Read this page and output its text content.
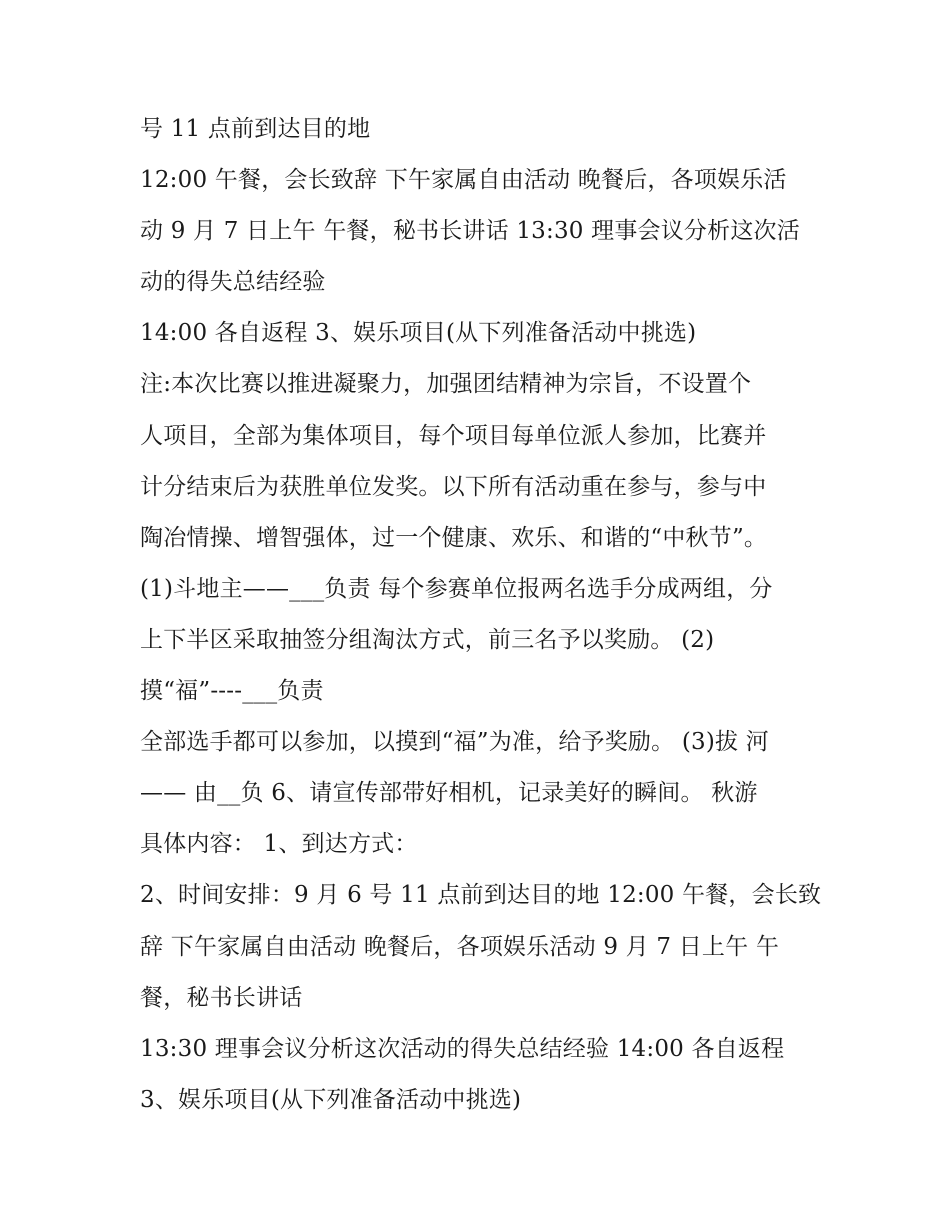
号 11 点前到达目的地
12:00 午餐，会长致辞 下午家属自由活动 晚餐后，各项娱乐活
动 9 月 7 日上午 午餐，秘书长讲话 13:30 理事会议分析这次活
动的得失总结经验
14:00 各自返程 3、娱乐项目(从下列准备活动中挑选)
注:本次比赛以推进凝聚力，加强团结精神为宗旨，不设置个
人项目，全部为集体项目，每个项目每单位派人参加，比赛并
计分结束后为获胜单位发奖。以下所有活动重在参与，参与中
陶冶情操、增智强体，过一个健康、欢乐、和谐的“中秋节”。
(1)斗地主——___负责 每个参赛单位报两名选手分成两组，分
上下半区采取抽签分组淘汰方式，前三名予以奖励。 (2)
摸“福”----___负责
全部选手都可以参加，以摸到“福”为准，给予奖励。 (3)拔 河
—— 由__负 6、请宣传部带好相机，记录美好的瞬间。 秋游
具体内容： 1、到达方式：
2、时间安排：9 月 6 号 11 点前到达目的地 12:00 午餐，会长致
辞 下午家属自由活动 晚餐后，各项娱乐活动 9 月 7 日上午 午
餐，秘书长讲话
13:30 理事会议分析这次活动的得失总结经验 14:00 各自返程
3、娱乐项目(从下列准备活动中挑选)
